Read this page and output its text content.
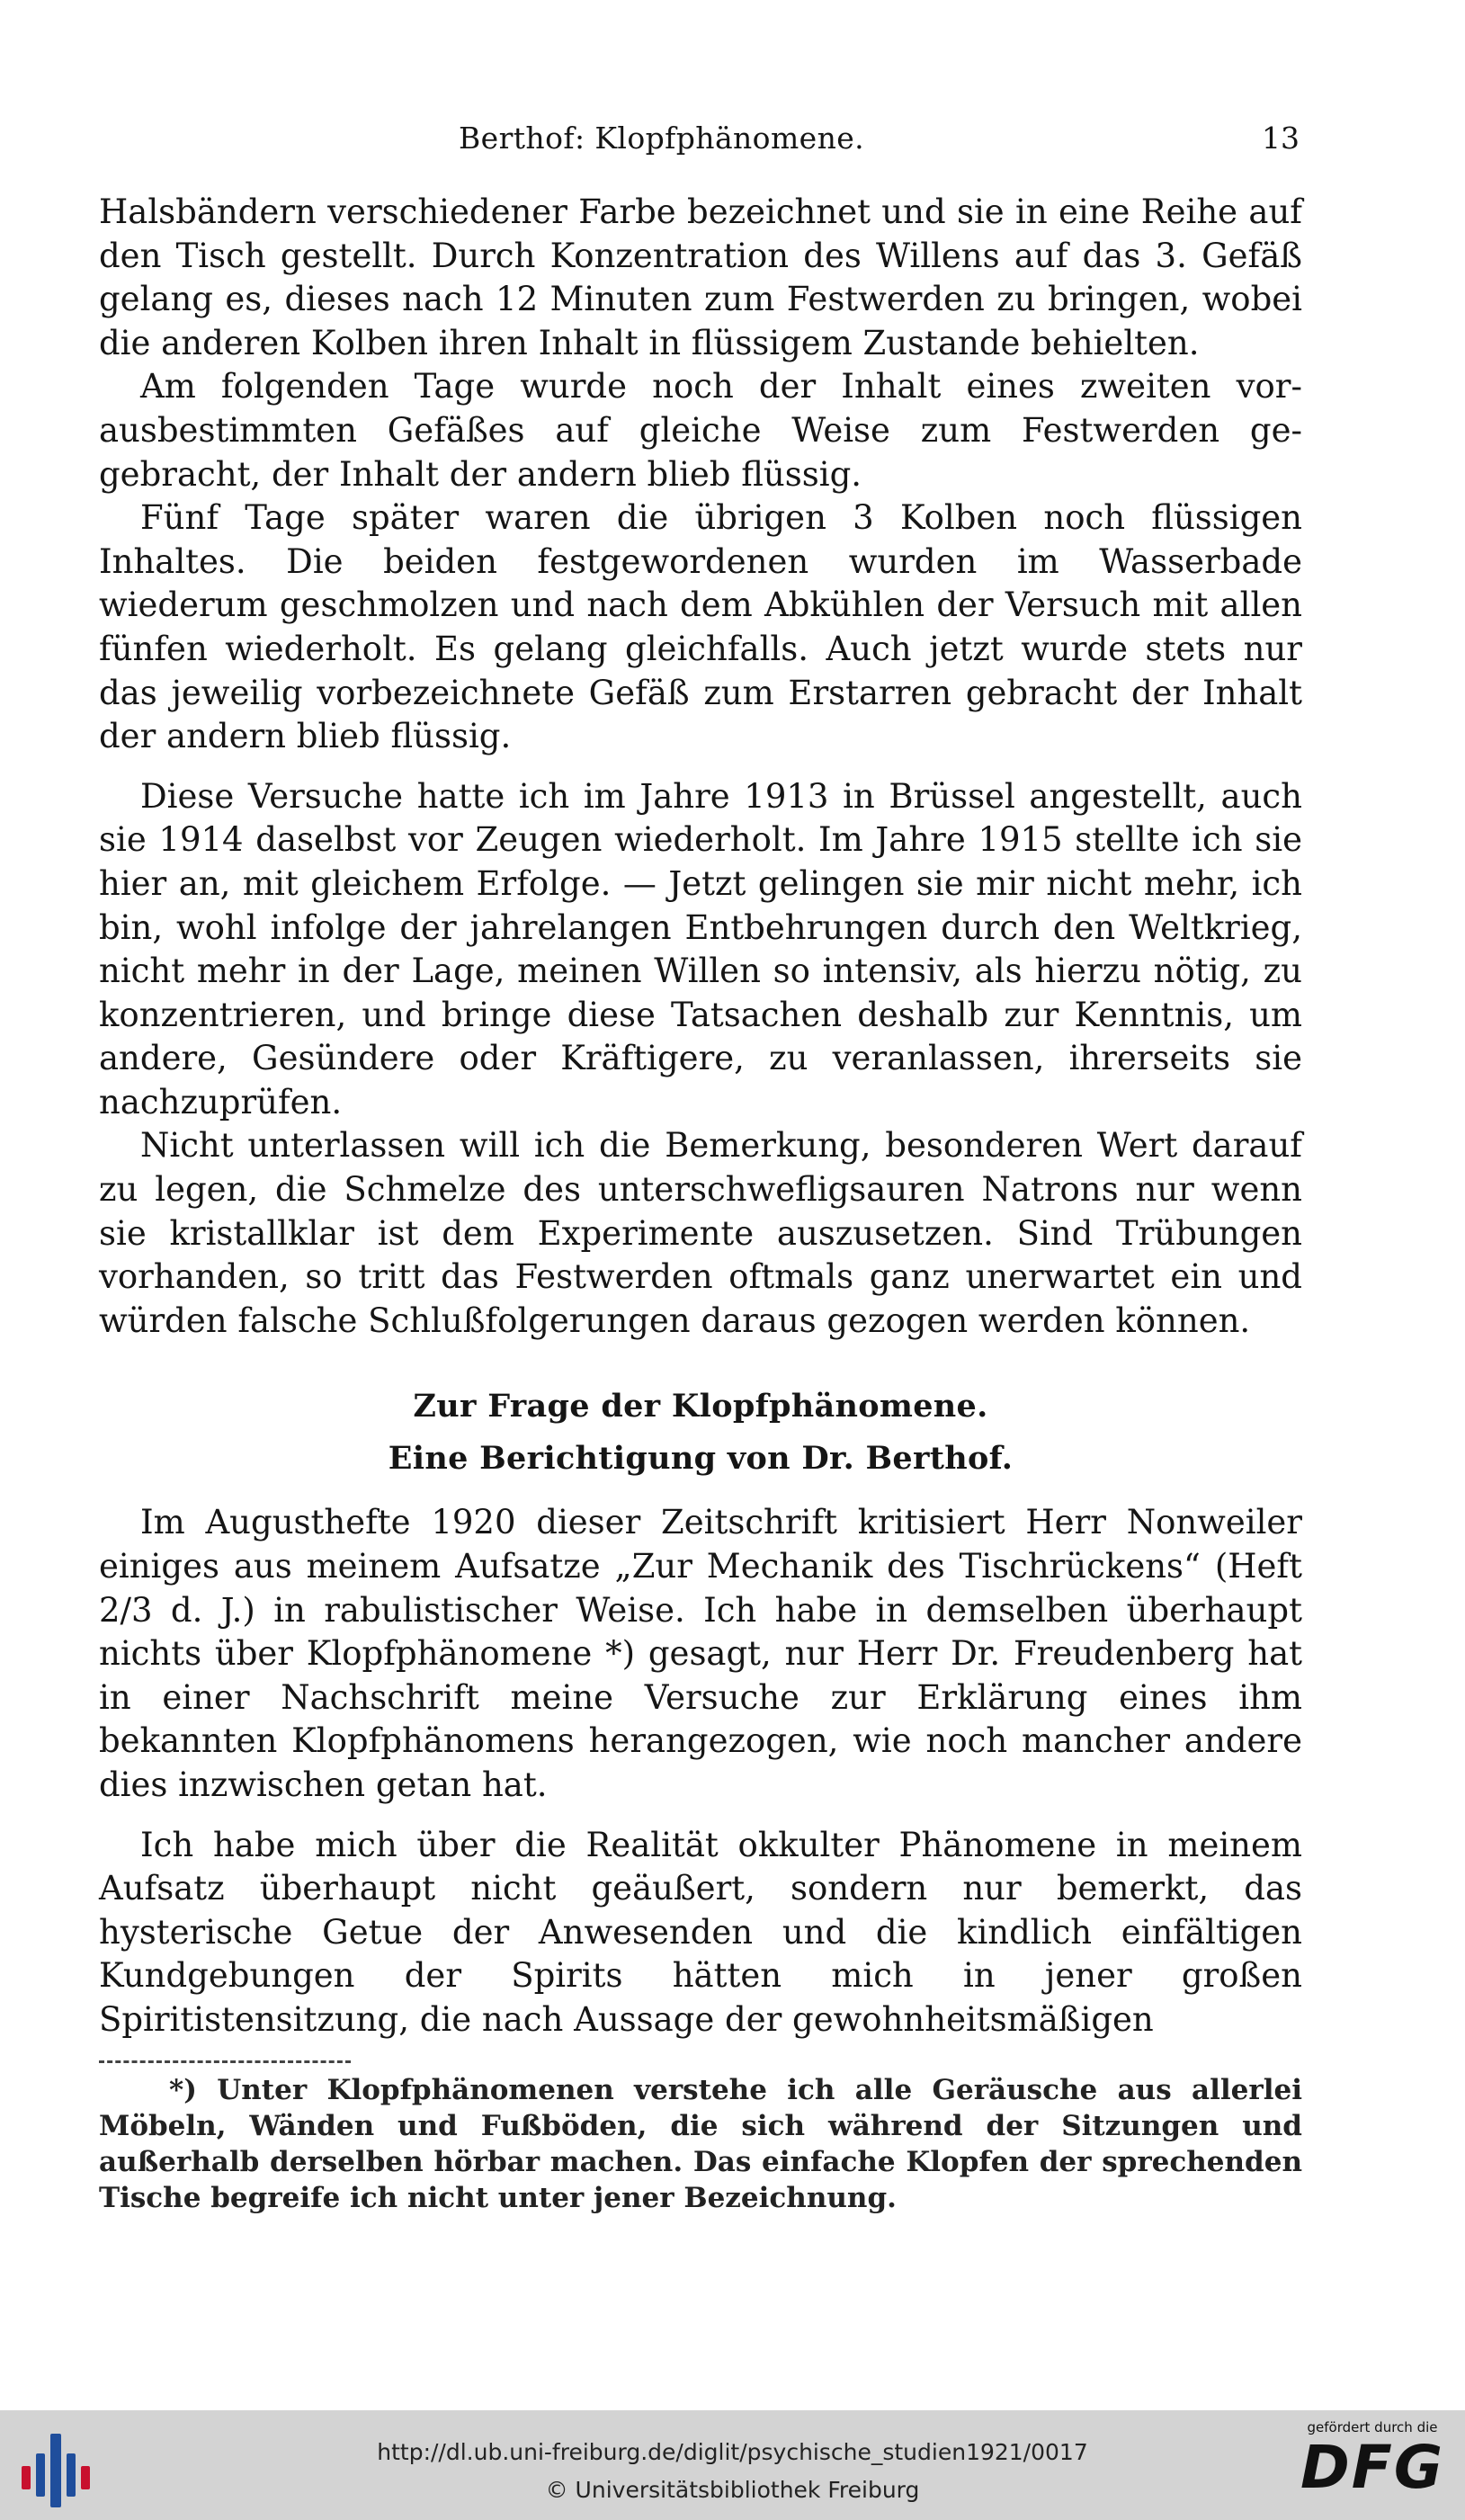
Berthof: Klopfphänomene.	13

Halsbändern verschiedener Farbe bezeichnet und sie in eine Reihe auf den Tisch gestellt. Durch Konzentration des Willens auf das 3. Gefäß gelang es, dieses nach 12 Minuten zum Festwerden zu bringen, wobei die anderen Kolben ihren Inhalt in flüssigem Zustande behielten.

Am folgenden Tage wurde noch der Inhalt eines zweiten vorausbestimmten Gefäßes auf gleiche Weise zum Festwerden gegebracht, der Inhalt der andern blieb flüssig.

Fünf Tage später waren die übrigen 3 Kolben noch flüssigen Inhaltes. Die beiden festgewordenen wurden im Wasserbade wiederum geschmolzen und nach dem Abkühlen der Versuch mit allen fünfen wiederholt. Es gelang gleichfalls. Auch jetzt wurde stets nur das jeweilig vorbezeichnete Gefäß zum Erstarren gebracht der Inhalt der andern blieb flüssig.

Diese Versuche hatte ich im Jahre 1913 in Brüssel angestellt, auch sie 1914 daselbst vor Zeugen wiederholt. Im Jahre 1915 stellte ich sie hier an, mit gleichem Erfolge. — Jetzt gelingen sie mir nicht mehr, ich bin, wohl infolge der jahrelangen Entbehrungen durch den Weltkrieg, nicht mehr in der Lage, meinen Willen so intensiv, als hierzu nötig, zu konzentrieren, und bringe diese Tatsachen deshalb zur Kenntnis, um andere, Gesündere oder Kräftigere, zu veranlassen, ihrerseits sie nachzuprüfen.

Nicht unterlassen will ich die Bemerkung, besonderen Wert darauf zu legen, die Schmelze des unterschwefligsauren Natrons nur wenn sie kristallklar ist dem Experimente auszusetzen. Sind Trübungen vorhanden, so tritt das Festwerden oftmals ganz unerwartet ein und würden falsche Schlußfolgerungen daraus gezogen werden können.

Zur Frage der Klopfphänomene.
Eine Berichtigung von Dr. Berthof.

Im Augusthefte 1920 dieser Zeitschrift kritisiert Herr Nonweiler einiges aus meinem Aufsatze „Zur Mechanik des Tischrückens“ (Heft 2/3 d. J.) in rabulistischer Weise. Ich habe in demselben überhaupt nichts über Klopfphänomene *) gesagt, nur Herr Dr. Freudenberg hat in einer Nachschrift meine Versuche zur Erklärung eines ihm bekannten Klopfphänomens herangezogen, wie noch mancher andere dies inzwischen getan hat.

Ich habe mich über die Realität okkulter Phänomene in meinem Aufsatz überhaupt nicht geäußert, sondern nur bemerkt, das hysterische Getue der Anwesenden und die kindlich einfältigen Kundgebungen der Spirits hätten mich in jener großen Spiritistensitzung, die nach Aussage der gewohnheitsmäßigen

*) Unter Klopfphänomenen verstehe ich alle Geräusche aus allerlei Möbeln, Wänden und Fußböden, die sich während der Sitzungen und außerhalb derselben hörbar machen. Das einfache Klopfen der sprechenden Tische begreife ich nicht unter jener Bezeichnung.

http://dl.ub.uni-freiburg.de/diglit/psychische_studien1921/0017
© Universitätsbibliothek Freiburg
gefördert durch die
DFG
